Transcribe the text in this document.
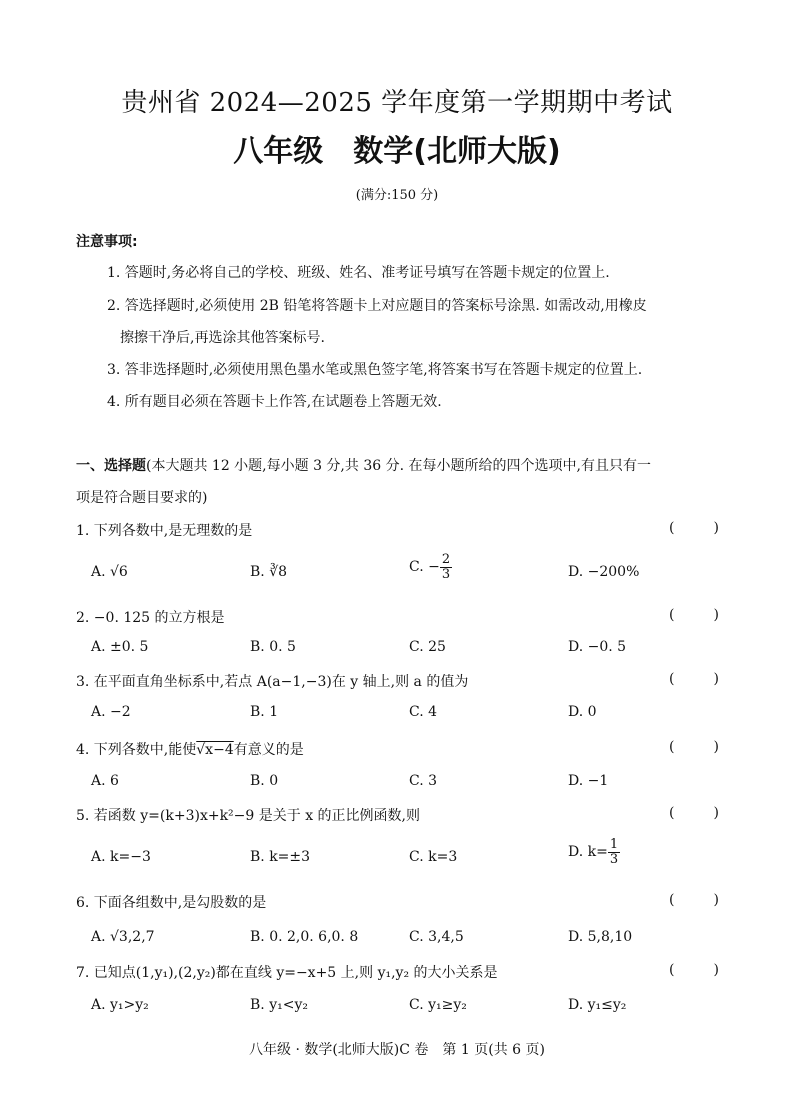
贵州省 2024—2025 学年度第一学期期中考试
八年级　数学(北师大版)
(满分:150 分)
注意事项:
1. 答题时,务必将自己的学校、班级、姓名、准考证号填写在答题卡规定的位置上.
2. 答选择题时,必须使用 2B 铅笔将答题卡上对应题目的答案标号涂黑. 如需改动,用橡皮
擦擦干净后,再选涂其他答案标号.
3. 答非选择题时,必须使用黑色墨水笔或黑色签字笔,将答案书写在答题卡规定的位置上.
4. 所有题目必须在答题卡上作答,在试题卷上答题无效.
一、选择题(本大题共 12 小题,每小题 3 分,共 36 分. 在每小题所给的四个选项中,有且只有一
项是符合题目要求的)
1. 下列各数中,是无理数的是	(	)
A. √6	B. ∛8	C. − $\frac{2}{3}$	D. −200%
2. −0. 125 的立方根是	(	)
A. ±0. 5	B. 0. 5	C. 25	D. −0. 5
3. 在平面直角坐标系中,若点 A(a−1,−3)在 y 轴上,则 a 的值为	(	)
A. −2	B. 1	C. 4	D. 0
4. 下列各数中,能使√x−4有意义的是	(	)
A. 6	B. 0	C. 3	D. −1
5. 若函数 y=(k+3)x+k²−9 是关于 x 的正比例函数,则	(	)
A. k=−3	B. k=±3	C. k=3	D. $k= \frac{1}{3}$
6. 下面各组数中,是勾股数的是	(	)
A. √3,2,7	B. 0. 2,0. 6,0. 8	C. 3,4,5	D. 5,8,10
7. 已知点(1,y₁),(2,y₂)都在直线 y=−x+5 上,则 y₁,y₂ 的大小关系是	(	)
A. y₁>y₂	B. y₁<y₂	C. y₁≥y₂	D. y₁≤y₂
八年级 · 数学(北师大版)C 卷　第 1 页(共 6 页)
